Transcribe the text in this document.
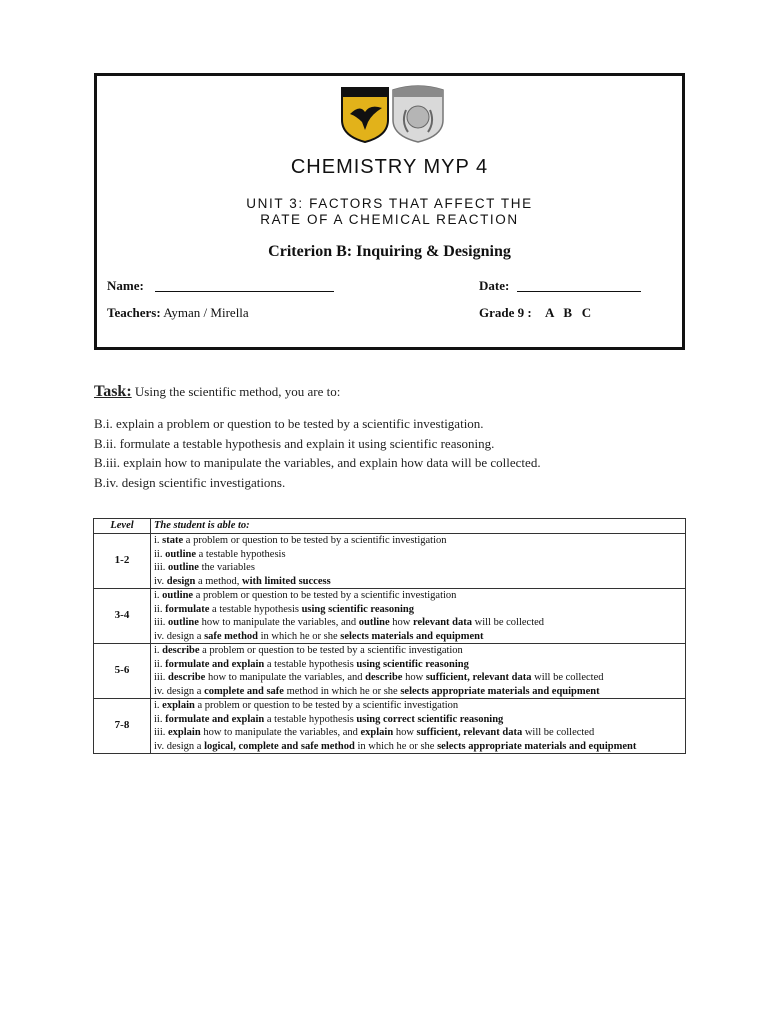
CHEMISTRY MYP 4
UNIT 3: FACTORS THAT AFFECT THE
RATE OF A CHEMICAL REACTION
Criterion B: Inquiring & Designing
Name:	Date:
Teachers: Ayman / Mirella	Grade 9 : A   B   C
Task: Using the scientific method, you are to:
B.i. explain a problem or question to be tested by a scientific investigation.
B.ii. formulate a testable hypothesis and explain it using scientific reasoning.
B.iii. explain how to manipulate the variables, and explain how data will be collected.
B.iv. design scientific investigations.
Level	The student is able to:
1-2	i. state a problem or question to be tested by a scientific investigation
ii. outline a testable hypothesis
iii. outline the variables
iv. design a method, with limited success

3-4	i. outline a problem or question to be tested by a scientific investigation
ii. formulate a testable hypothesis using scientific reasoning
iii. outline how to manipulate the variables, and outline how relevant data will be collected
iv. design a safe method in which he or she selects materials and equipment

5-6	i. describe a problem or question to be tested by a scientific investigation
ii. formulate and explain a testable hypothesis using scientific reasoning
iii. describe how to manipulate the variables, and describe how sufficient, relevant data will be collected
iv. design a complete and safe method in which he or she selects appropriate materials and equipment

7-8	i. explain a problem or question to be tested by a scientific investigation
ii. formulate and explain a testable hypothesis using correct scientific reasoning
iii. explain how to manipulate the variables, and explain how sufficient, relevant data will be collected
iv. design a logical, complete and safe method in which he or she selects appropriate materials and equipment
